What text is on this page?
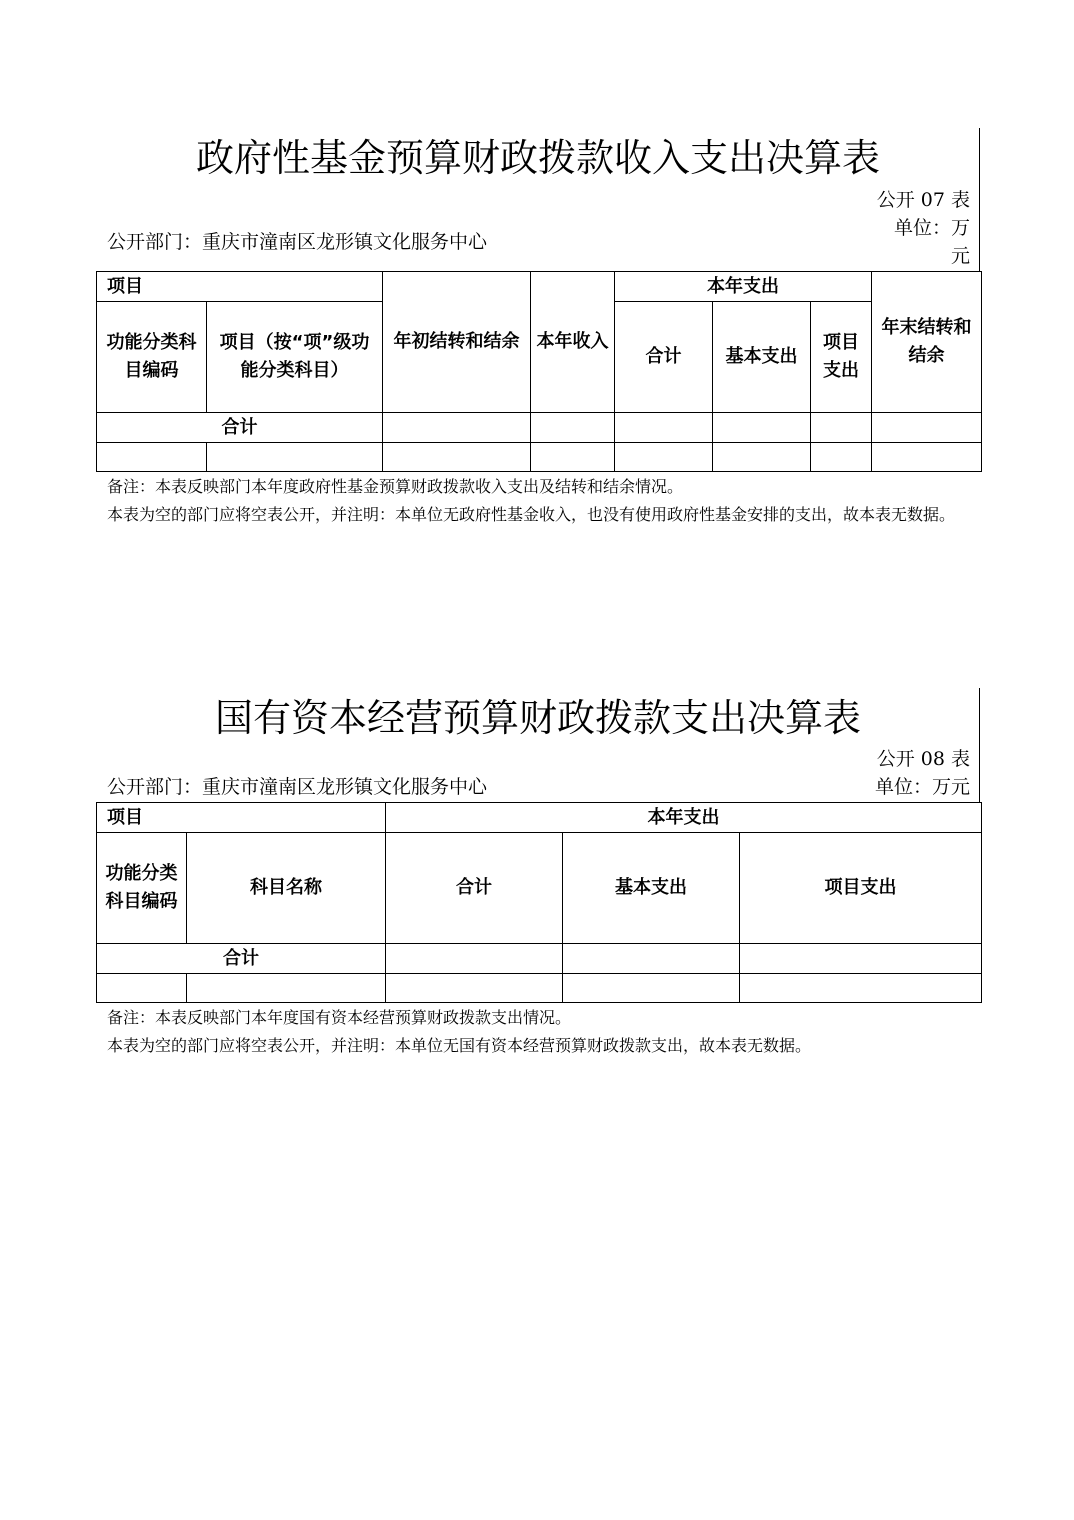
政府性基金预算财政拨款收入支出决算表
公开 07 表
单位：万
元
公开部门：重庆市潼南区龙形镇文化服务中心
项目		年初结转和结余	本年收入	本年支出			年末结转和结余
功能分类科目编码	项目（按“项”级功能分类科目）			合计	基本支出	项目支出	
合计							

备注：本表反映部门本年度政府性基金预算财政拨款收入支出及结转和结余情况。
本表为空的部门应将空表公开，并注明：本单位无政府性基金收入，也没有使用政府性基金安排的支出，故本表无数据。
国有资本经营预算财政拨款支出决算表
公开 08 表
单位：万元
公开部门：重庆市潼南区龙形镇文化服务中心
项目		本年支出		
功能分类科目编码	科目名称	合计	基本支出	项目支出
合计				

备注：本表反映部门本年度国有资本经营预算财政拨款支出情况。
本表为空的部门应将空表公开，并注明：本单位无国有资本经营预算财政拨款支出，故本表无数据。
